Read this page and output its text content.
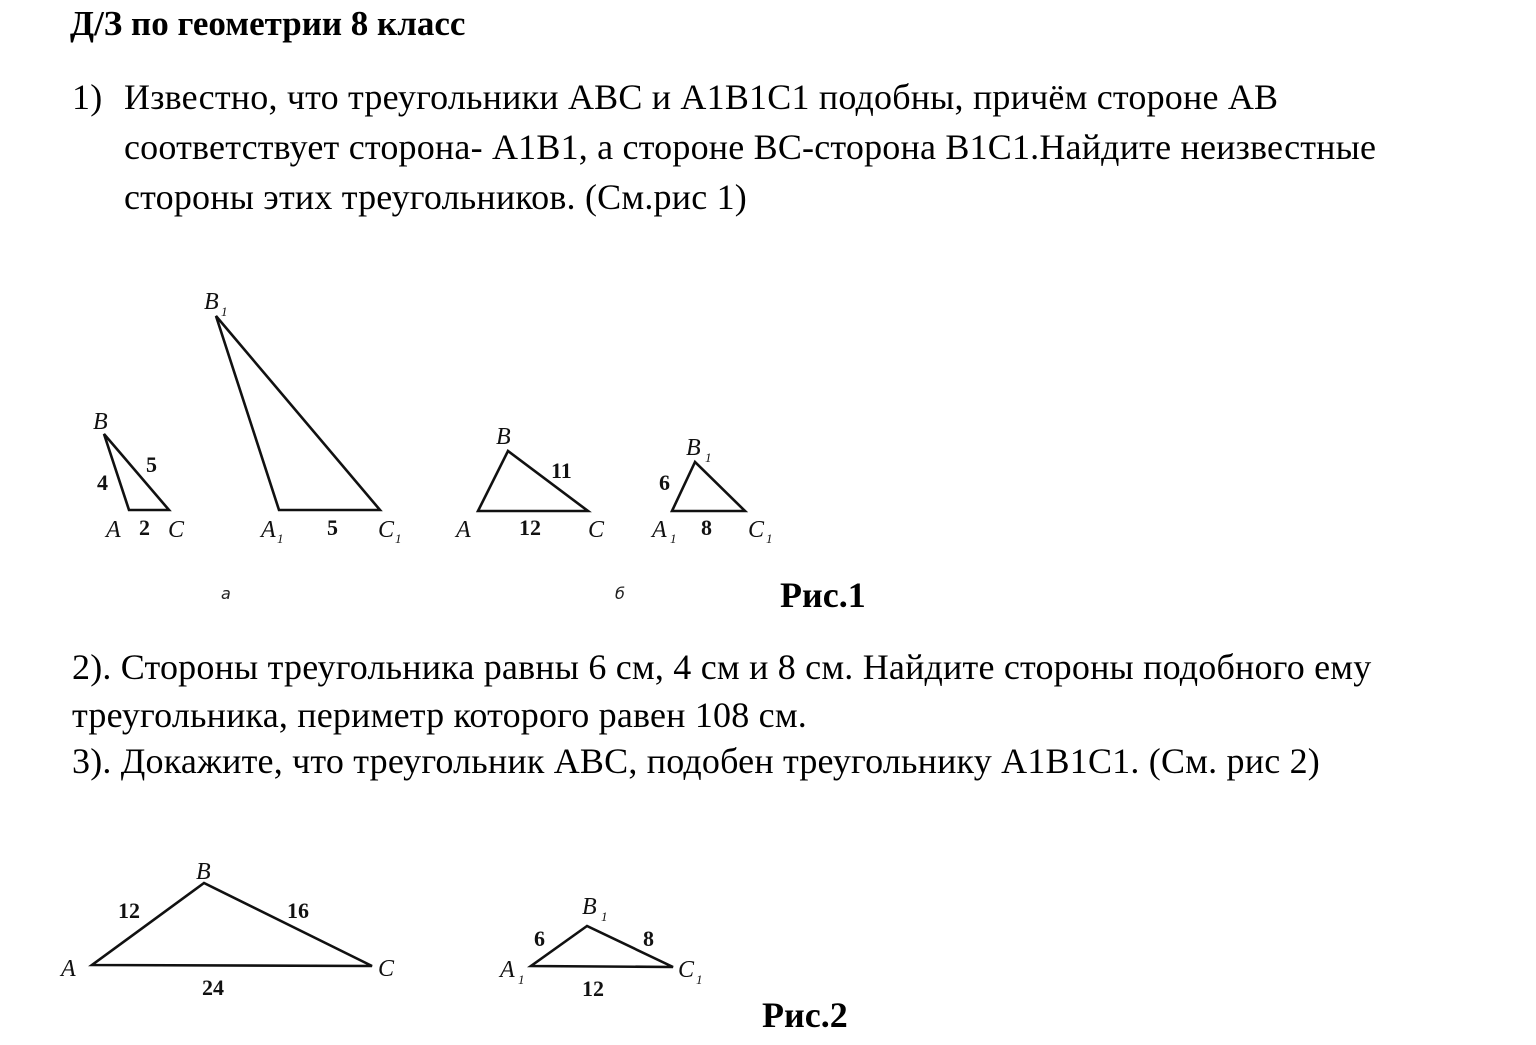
Д/З по геометрии 8 класс
1) Известно, что треугольники ABC и A1B1C1 подобны, причём стороне AB
соответствует сторона- A1B1, а стороне BC-сторона B1C1.Найдите неизвестные
стороны этих треугольников. (См.рис 1)
B
A C
4
5
2
B 1
A 1	C 1
5
B
A	C
11
12
B 1
A 1	C 1
6
8
а	б
B
A	C
12	16
24
B 1
A 1	C 1
6	8
12
Рис.1
2). Стороны треугольника равны 6 см, 4 см и 8 см. Найдите стороны подобного ему
треугольника, периметр которого равен 108 см.
3). Докажите, что треугольник ABC, подобен треугольнику A1B1C1. (См. рис 2)
Рис.2
